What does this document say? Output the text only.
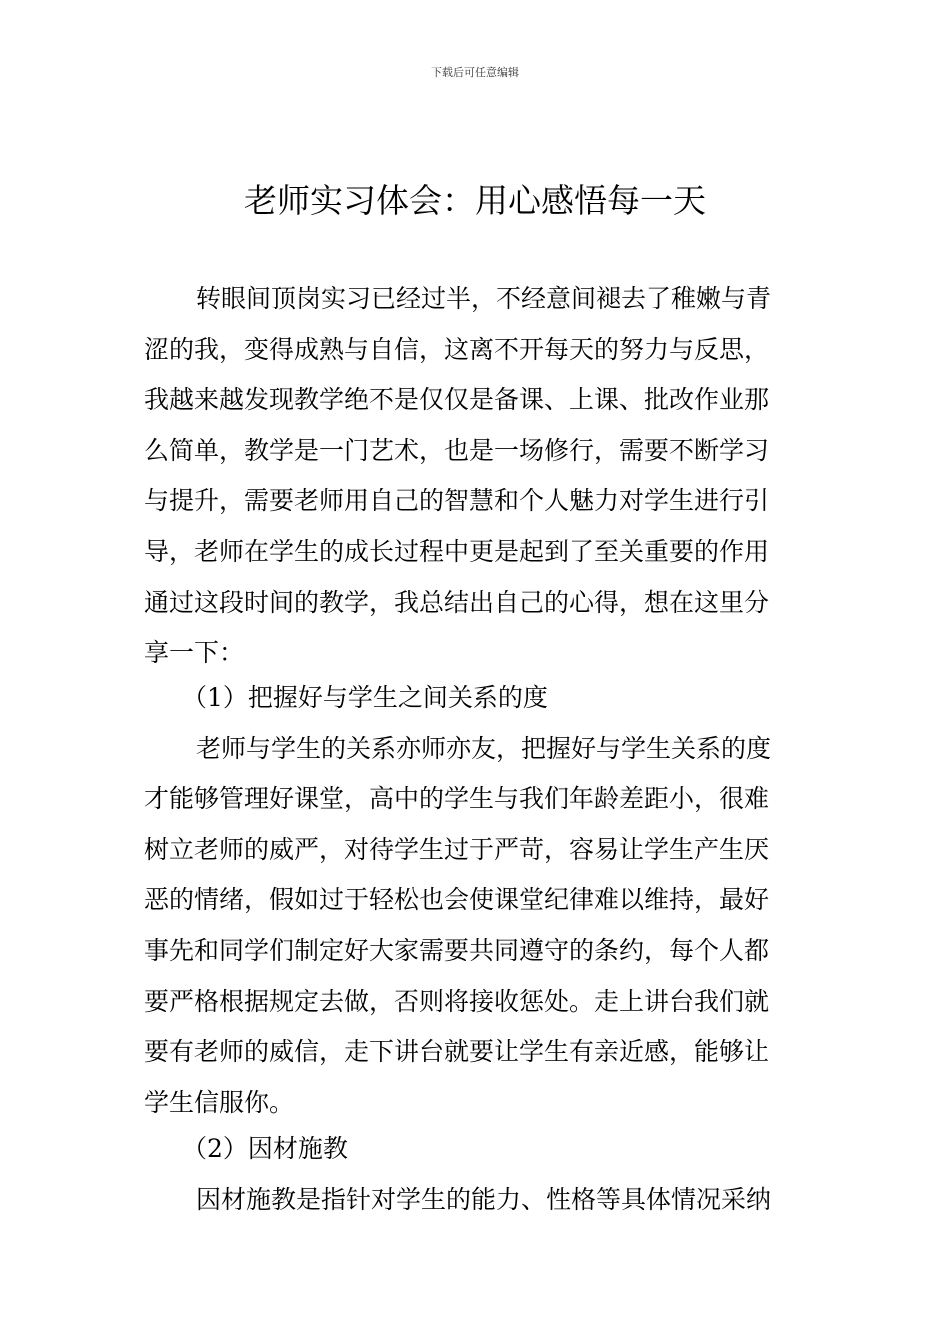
下载后可任意编辑
老师实习体会：用心感悟每一天
转眼间顶岗实习已经过半，不经意间褪去了稚嫩与青
涩的我，变得成熟与自信，这离不开每天的努力与反思，
我越来越发现教学绝不是仅仅是备课、上课、批改作业那
么简单，教学是一门艺术，也是一场修行，需要不断学习
与提升，需要老师用自己的智慧和个人魅力对学生进行引
导，老师在学生的成长过程中更是起到了至关重要的作用
通过这段时间的教学，我总结出自己的心得，想在这里分
享一下：
（1）把握好与学生之间关系的度
老师与学生的关系亦师亦友，把握好与学生关系的度
才能够管理好课堂，高中的学生与我们年龄差距小，很难
树立老师的威严，对待学生过于严苛，容易让学生产生厌
恶的情绪，假如过于轻松也会使课堂纪律难以维持，最好
事先和同学们制定好大家需要共同遵守的条约，每个人都
要严格根据规定去做，否则将接收惩处。走上讲台我们就
要有老师的威信，走下讲台就要让学生有亲近感，能够让
学生信服你。
（2）因材施教
因材施教是指针对学生的能力、性格等具体情况采纳
